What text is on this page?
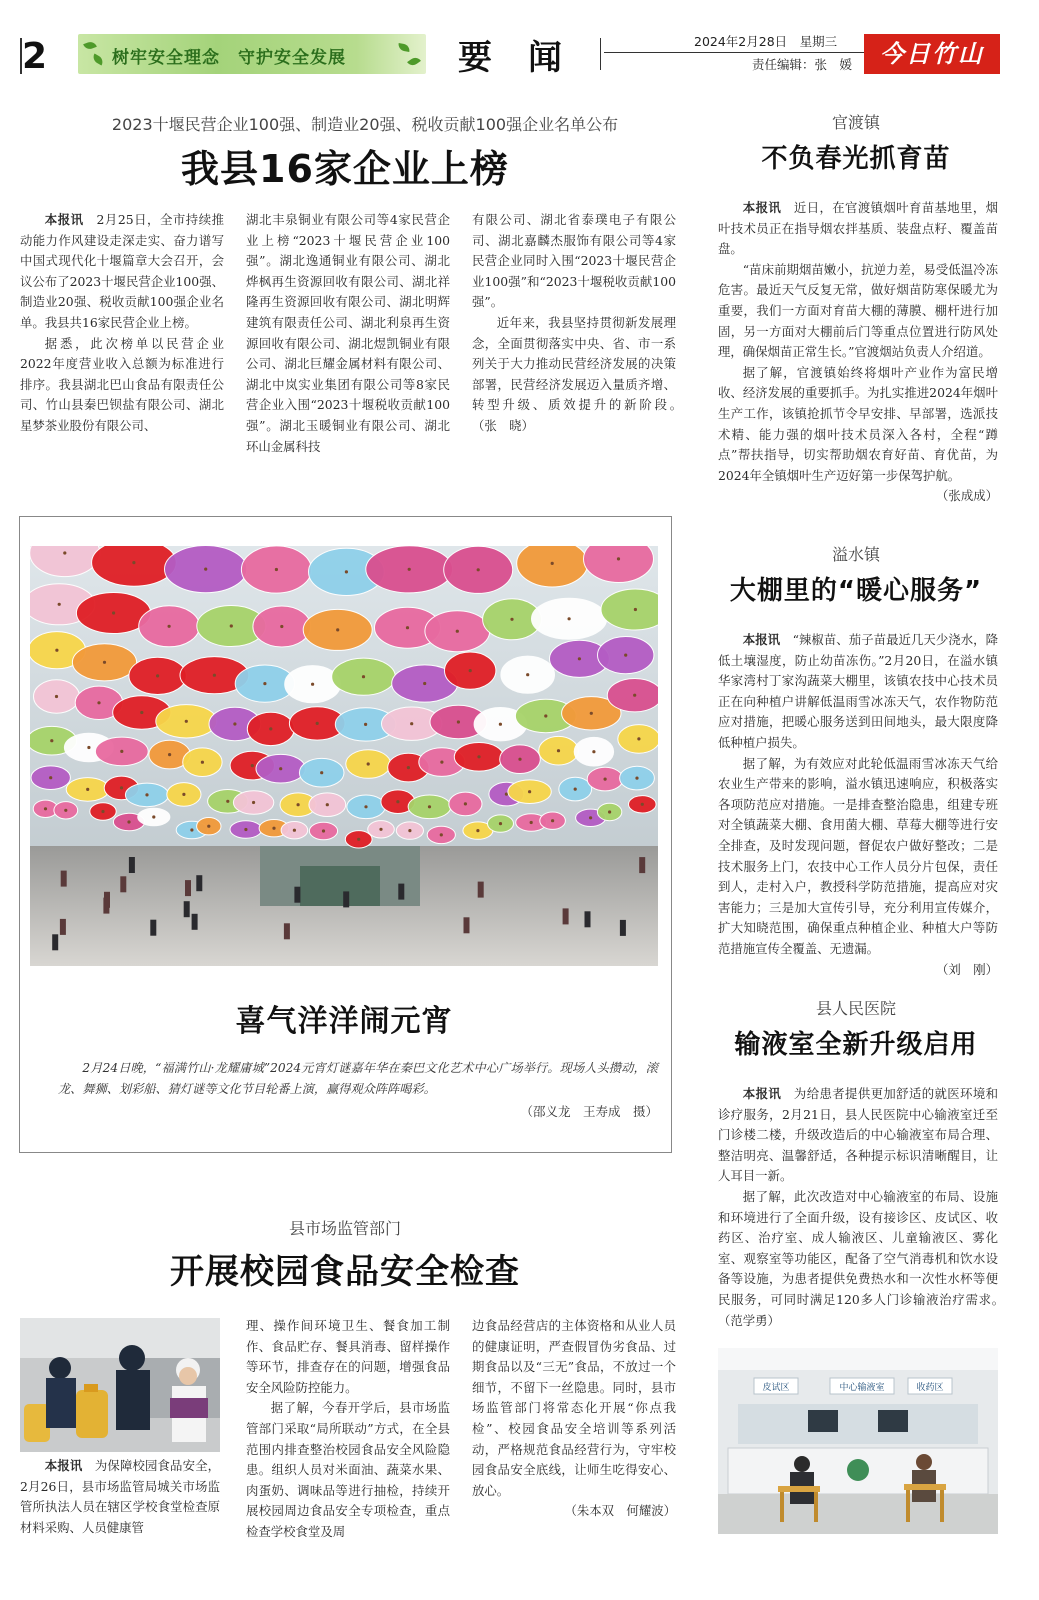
2	树牢安全理念　守护安全发展	要闻	2024年2月28日　星期三
责任编辑：张　媛	今日竹山
2023十堰民营企业100强、制造业20强、税收贡献100强企业名单公布
我县16家企业上榜
本报讯　 2月25日，全市持续推动能力作风建设走深走实、奋力谱写中国式现代化十堰篇章大会召开，会议公布了2023十堰民营企业100强、制造业20强、税收贡献100强企业名单。我县共16家民营企业上榜。
据悉，此次榜单以民营企业2022年度营业收入总额为标准进行排序。我县湖北巴山食品有限责任公司、竹山县秦巴钡盐有限公司、湖北星梦茶业股份有限公司、
湖北丰泉铜业有限公司等4家民营企业上榜“2023十堰民营企业100强”。湖北逸通铜业有限公司、湖北烨枫再生资源回收有限公司、湖北祥隆再生资源回收有限公司、湖北明辉建筑有限责任公司、湖北利泉再生资源回收有限公司、湖北煜凯铜业有限公司、湖北巨耀金属材料有限公司、湖北中岚实业集团有限公司等8家民营企业入围“2023十堰税收贡献100强”。湖北玉暖铜业有限公司、湖北环山金属科技
有限公司、湖北省泰璞电子有限公司、湖北嘉麟杰服饰有限公司等4家民营企业同时入围“2023十堰民营企业100强”和“2023十堰税收贡献100强”。
近年来，我县坚持贯彻新发展理念，全面贯彻落实中央、省、市一系列关于大力推动民营经济发展的决策部署，民营经济发展迈入量质齐增、转型升级、质效提升的新阶段。　　（张　晓）
喜气洋洋闹元宵
2月24日晚，“福满竹山·龙耀庸城”2024元宵灯谜嘉年华在秦巴文化艺术中心广场举行。现场人头攒动，滚龙、舞狮、划彩船、猜灯谜等文化节目轮番上演，赢得观众阵阵喝彩。
（邵义龙　王寿成　摄）
官渡镇
不负春光抓育苗
本报讯　 近日，在官渡镇烟叶育苗基地里，烟叶技术员正在指导烟农拌基质、装盘点籽、覆盖苗盘。
“苗床前期烟苗嫩小，抗逆力差，易受低温冷冻危害。最近天气反复无常，做好烟苗防寒保暖尤为重要，我们一方面对育苗大棚的薄膜、棚杆进行加固，另一方面对大棚前后门等重点位置进行防风处理，确保烟苗正常生长。”官渡烟站负责人介绍道。
据了解，官渡镇始终将烟叶产业作为富民增收、经济发展的重要抓手。为扎实推进2024年烟叶生产工作，该镇抢抓节令早安排、早部署，选派技术精、能力强的烟叶技术员深入各村，全程“蹲点”帮扶指导，切实帮助烟农育好苗、育优苗，为2024年全镇烟叶生产迈好第一步保驾护航。
（张成成）
溢水镇
大棚里的“暖心服务”
本报讯　 “辣椒苗、茄子苗最近几天少浇水，降低土壤湿度，防止幼苗冻伤。”2月20日，在溢水镇华家湾村丁家沟蔬菜大棚里，该镇农技中心技术员正在向种植户讲解低温雨雪冰冻天气，农作物防范应对措施，把暖心服务送到田间地头，最大限度降低种植户损失。
据了解，为有效应对此轮低温雨雪冰冻天气给农业生产带来的影响，溢水镇迅速响应，积极落实各项防范应对措施。一是排查整治隐患，组建专班对全镇蔬菜大棚、食用菌大棚、草莓大棚等进行安全排查，及时发现问题，督促农户做好整改；二是技术服务上门，农技中心工作人员分片包保，责任到人，走村入户，教授科学防范措施，提高应对灾害能力；三是加大宣传引导，充分利用宣传媒介，扩大知晓范围，确保重点种植企业、种植大户等防范措施宣传全覆盖、无遗漏。
（刘　刚）
县人民医院
输液室全新升级启用
本报讯　 为给患者提供更加舒适的就医环境和诊疗服务，2月21日，县人民医院中心输液室迁至门诊楼二楼，升级改造后的中心输液室布局合理、整洁明亮、温馨舒适，各种提示标识清晰醒目，让人耳目一新。
据了解，此次改造对中心输液室的布局、设施和环境进行了全面升级，设有接诊区、皮试区、收药区、治疗室、成人输液区、儿童输液区、雾化室、观察室等功能区，配备了空气消毒机和饮水设备等设施，为患者提供免费热水和一次性水杯等便民服务，可同时满足120多人门诊输液治疗需求。　　（范学勇）
皮试区	中心输液室	收药区
县市场监管部门
开展校园食品安全检查
本报讯　 为保障校园食品安全，2月26日，县市场监管局城关市场监管所执法人员在辖区学校食堂检查原材料采购、人员健康管
理、操作间环境卫生、餐食加工制作、食品贮存、餐具消毒、留样操作等环节，排查存在的问题，增强食品安全风险防控能力。
据了解，今春开学后，县市场监管部门采取“局所联动”方式，在全县范围内排查整治校园食品安全风险隐患。组织人员对米面油、蔬菜水果、肉蛋奶、调味品等进行抽检，持续开展校园周边食品安全专项检查，重点检查学校食堂及周
边食品经营店的主体资格和从业人员的健康证明，严查假冒伪劣食品、过期食品以及“三无”食品，不放过一个细节，不留下一丝隐患。同时，县市场监管部门将常态化开展“你点我检”、校园食品安全培训等系列活动，严格规范食品经营行为，守牢校园食品安全底线，让师生吃得安心、放心。
（朱本双　何耀波）
